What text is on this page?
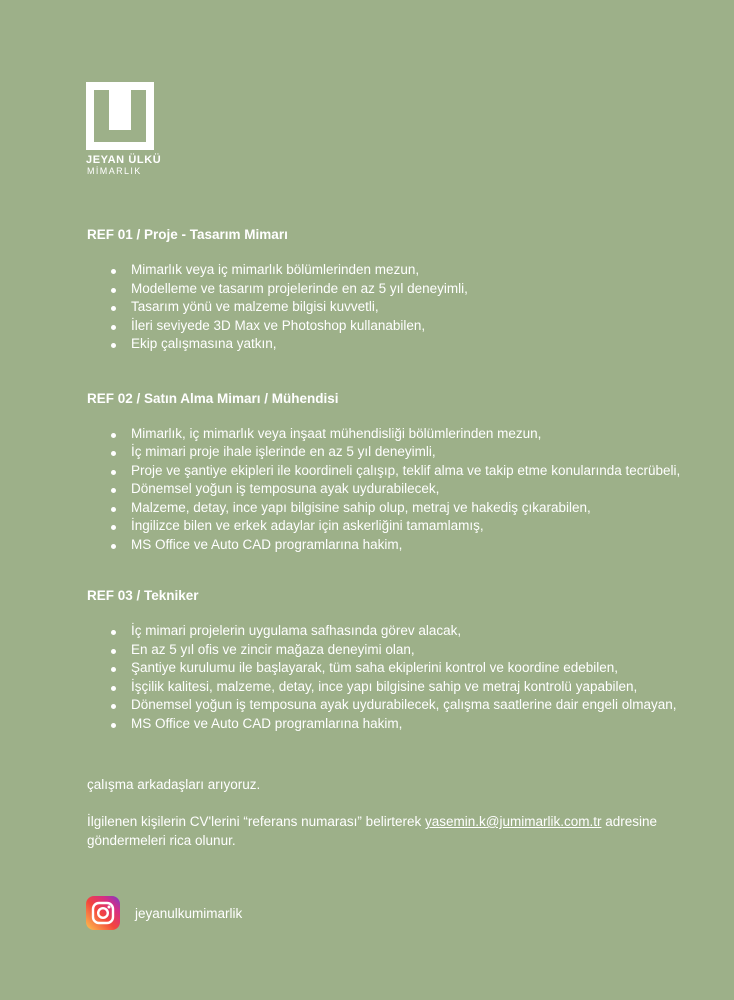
JEYAN ÜLKÜ
MİMARLIK

REF 01 / Proje - Tasarım Mimarı

Mimarlık veya iç mimarlık bölümlerinden mezun,
Modelleme ve tasarım projelerinde en az 5 yıl deneyimli,
Tasarım yönü ve malzeme bilgisi kuvvetli,
İleri seviyede 3D Max ve Photoshop kullanabilen,
Ekip çalışmasına yatkın,

REF 02 / Satın Alma Mimarı / Mühendisi

Mimarlık, iç mimarlık veya inşaat mühendisliği bölümlerinden mezun,
İç mimari proje ihale işlerinde en az 5 yıl deneyimli,
Proje ve şantiye ekipleri ile koordineli çalışıp, teklif alma ve takip etme konularında tecrübeli,
Dönemsel yoğun iş temposuna ayak uydurabilecek,
Malzeme, detay, ince yapı bilgisine sahip olup, metraj ve hakediş çıkarabilen,
İngilizce bilen ve erkek adaylar için askerliğini tamamlamış,
MS Office ve Auto CAD programlarına hakim,

REF 03 / Tekniker

İç mimari projelerin uygulama safhasında görev alacak,
En az 5 yıl ofis ve zincir mağaza deneyimi olan,
Şantiye kurulumu ile başlayarak, tüm saha ekiplerini kontrol ve koordine edebilen,
İşçilik kalitesi, malzeme, detay, ince yapı bilgisine sahip ve metraj kontrolü yapabilen,
Dönemsel yoğun iş temposuna ayak uydurabilecek, çalışma saatlerine dair engeli olmayan,
MS Office ve Auto CAD programlarına hakim,
çalışma arkadaşları arıyoruz.
İlgilenen kişilerin CV'lerini “referans numarası” belirterek yasemin.k@jumimarlik.com.tr adresine göndermeleri rica olunur.
jeyanulkumimarlik
